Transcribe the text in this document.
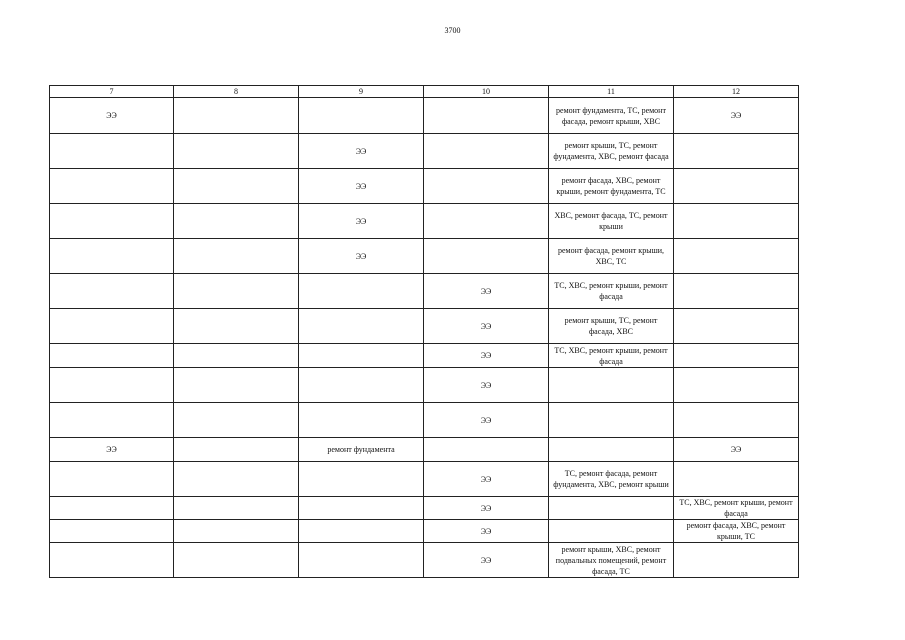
3700
7	8	9	10	11	12
ЭЭ				ремонт фундамента, ТС, ремонт фасада, ремонт крыши, ХВС	ЭЭ
		ЭЭ		ремонт крыши, ТС, ремонт фундамента, ХВС, ремонт фасада	
		ЭЭ		ремонт фасада, ХВС, ремонт крыши, ремонт фундамента, ТС	
		ЭЭ		ХВС, ремонт фасада, ТС, ремонт крыши	
		ЭЭ		ремонт фасада, ремонт крыши, ХВС, ТС	
			ЭЭ	ТС, ХВС, ремонт крыши, ремонт фасада	
			ЭЭ	ремонт крыши, ТС, ремонт фасада, ХВС	
			ЭЭ	ТС, ХВС, ремонт крыши, ремонт фасада	
			ЭЭ		
			ЭЭ		
ЭЭ		ремонт фундамента			ЭЭ
			ЭЭ	ТС, ремонт фасада, ремонт фундамента, ХВС, ремонт крыши	
			ЭЭ		ТС, ХВС, ремонт крыши, ремонт фасада
			ЭЭ		ремонт фасада, ХВС, ремонт крыши, ТС
			ЭЭ	ремонт крыши, ХВС, ремонт подвальных помещений, ремонт фасада, ТС	
